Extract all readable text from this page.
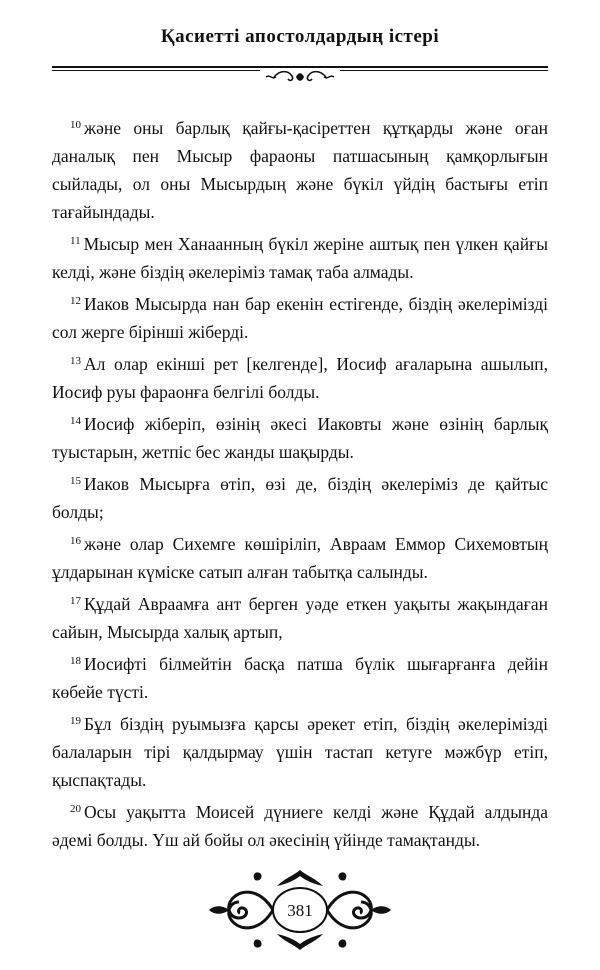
Қасиетті апостолдардың істері

$^{10}$ және оны барлық қайғы-қасіреттен құтқарды және оған даналық пен Мысыр фараоны патшасының қамқорлығын сыйлады, ол оны Мысырдың және бүкіл үйдің бастығы етіп тағайындады.

$^{11}$ Мысыр мен Ханаанның бүкіл жеріне аштық пен үлкен қайғы келді, және біздің әкелеріміз тамақ таба алмады.

$^{12}$ Иаков Мысырда нан бар екенін естігенде, біздің әкелерімізді сол жерге бірінші жіберді.

$^{13}$ Ал олар екінші рет [келгенде], Иосиф ағаларына ашылып, Иосиф руы фараонға белгілі болды.

$^{14}$ Иосиф жіберіп, өзінің әкесі Иаковты және өзінің барлық туыстарын, жетпіс бес жанды шақырды.

$^{15}$ Иаков Мысырға өтіп, өзі де, біздің әкелеріміз де қайтыс болды;

$^{16}$ және олар Сихемге көшіріліп, Авраам Еммор Сихемовтың ұлдарынан күміске сатып алған табытқа салынды.

$^{17}$ Құдай Авраамға ант берген уәде еткен уақыты жақындаған сайын, Мысырда халық артып,

$^{18}$ Иосифті білмейтін басқа патша бүлік шығарғанға дейін көбейе түсті.

$^{19}$ Бұл біздің руымызға қарсы әрекет етіп, біздің әкелерімізді балаларын тірі қалдырмау үшін тастап кетуге мәжбүр етіп, қыспақтады.

$^{20}$ Осы уақытта Моисей дүниеге келді және Құдай алдында әдемі болды. Үш ай бойы ол әкесінің үйінде тамақтанды.

381
